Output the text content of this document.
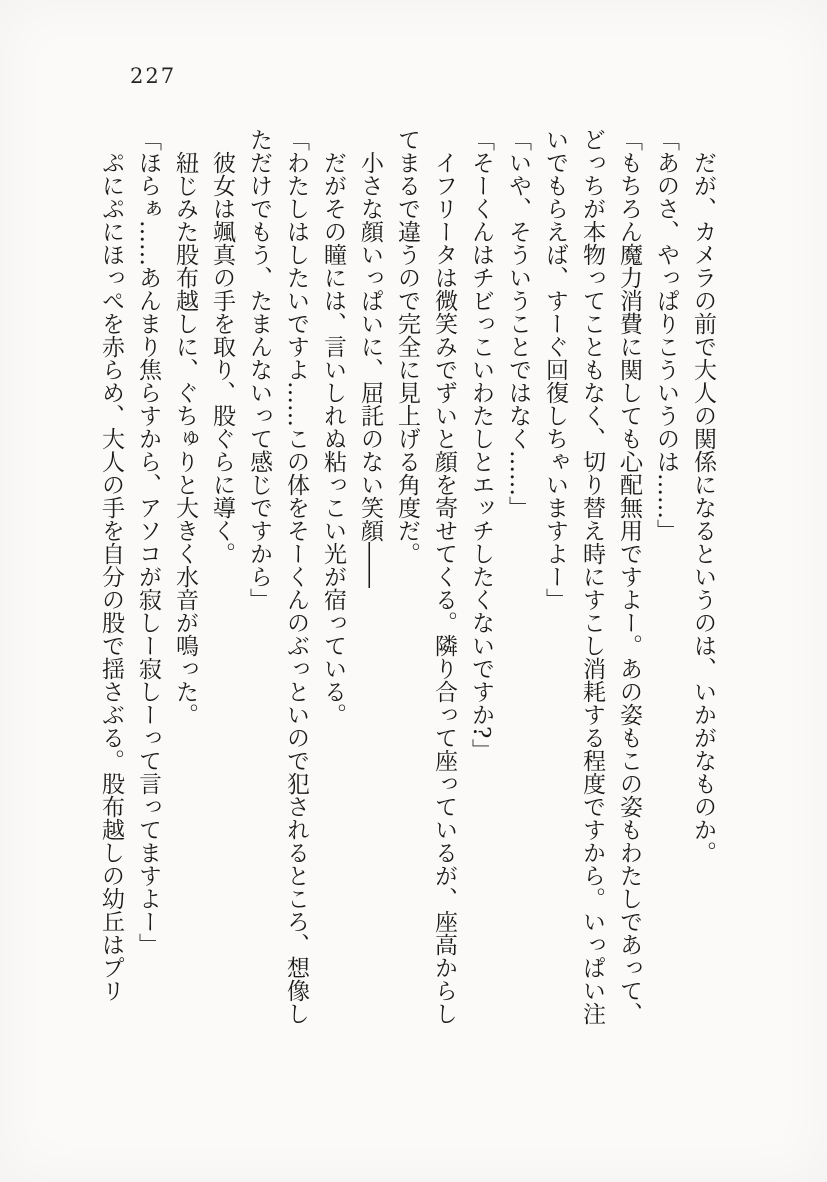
227

だが、カメラの前で大人の関係になるというのは、いかがなものか。

「あのさ、やっぱりこういうのは……」

「もちろん魔力消費に関しても心配無用ですよー。あの姿もこの姿もわたしであって、どっちが本物ってこともなく、切り替え時にすこし消耗する程度ですから。いっぱい注いでもらえば、すーぐ回復しちゃいますよー」

「いや、そういうことではなく……」

「そーくんはチビっこいわたしとエッチしたくないですか?」

イフリータは微笑みでずいと顔を寄せてくる。隣り合って座っているが、座高からしてまるで違うので完全に見上げる角度だ。

小さな顔いっぱいに、屈託のない笑顔――

だがその瞳には、言いしれぬ粘っこい光が宿っている。

「わたしはしたいですよ……この体をそーくんのぶっといので犯されるところ、想像しただけでもう、たまんないって感じですから」

彼女は颯真の手を取り、股ぐらに導く。

紐じみた股布越しに、ぐちゅりと大きく水音が鳴った。

「ほらぁ……あんまり焦らすから、アソコが寂しー寂しーって言ってますよー」

ぷにぷにほっぺを赤らめ、大人の手を自分の股で揺さぶる。股布越しの幼丘はプリ
